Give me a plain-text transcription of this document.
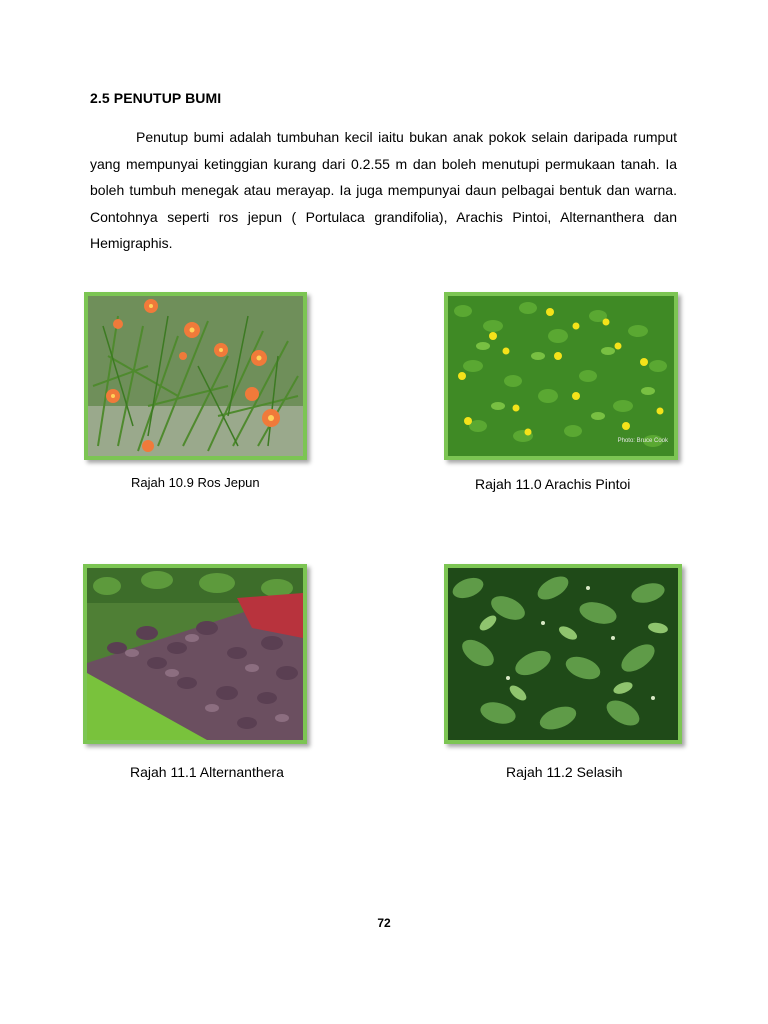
2.5 PENUTUP BUMI

Penutup bumi adalah tumbuhan kecil iaitu bukan anak pokok selain daripada rumput yang mempunyai ketinggian kurang dari 0.2.55 m dan boleh menutupi permukaan tanah. Ia boleh tumbuh menegak atau merayap. Ia juga mempunyai daun pelbagai bentuk dan warna. Contohnya seperti ros jepun ( Portulaca grandifolia), Arachis Pintoi, Alternanthera dan Hemigraphis.

Rajah 10.9 Ros Jepun
Photo: Bruce Cook
Rajah 11.0 Arachis Pintoi
Rajah 11.1 Alternanthera	Rajah 11.2 Selasih
72
